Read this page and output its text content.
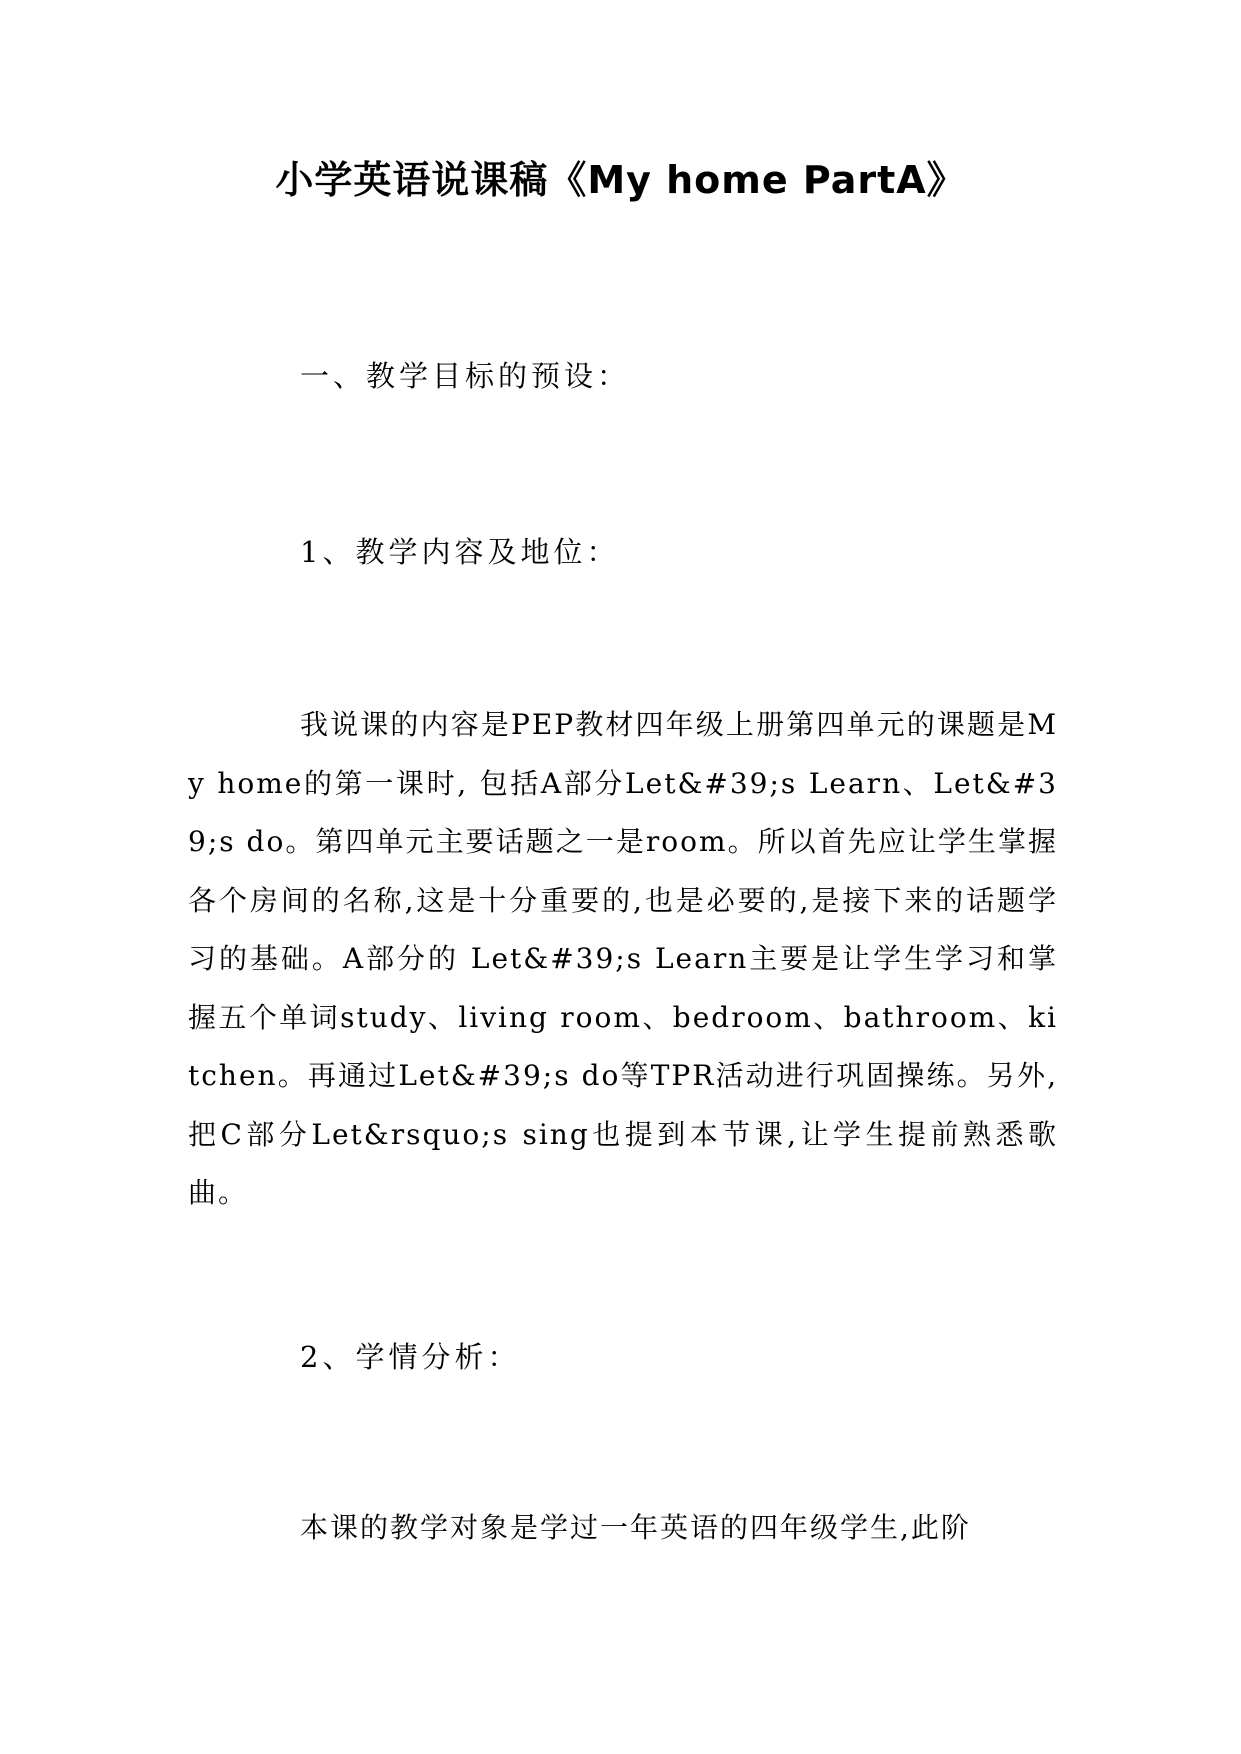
小学英语说课稿《My home PartA》
一、教学目标的预设：
1、教学内容及地位：
我说课的内容是PEP教材四年级上册第四单元的课题是My home的第一课时, 包括A部分Let&#39;s Learn、Let&#39;s do。第四单元主要话题之一是room。所以首先应让学生掌握各个房间的名称,这是十分重要的,也是必要的,是接下来的话题学习的基础。A部分的 Let&#39;s Learn主要是让学生学习和掌握五个单词study、living room、bedroom、bathroom、kitchen。再通过Let&#39;s do等TPR活动进行巩固操练。另外, 把C部分Let&rsquo;s sing也提到本节课,让学生提前熟悉歌曲。
2、学情分析：
本课的教学对象是学过一年英语的四年级学生,此阶
